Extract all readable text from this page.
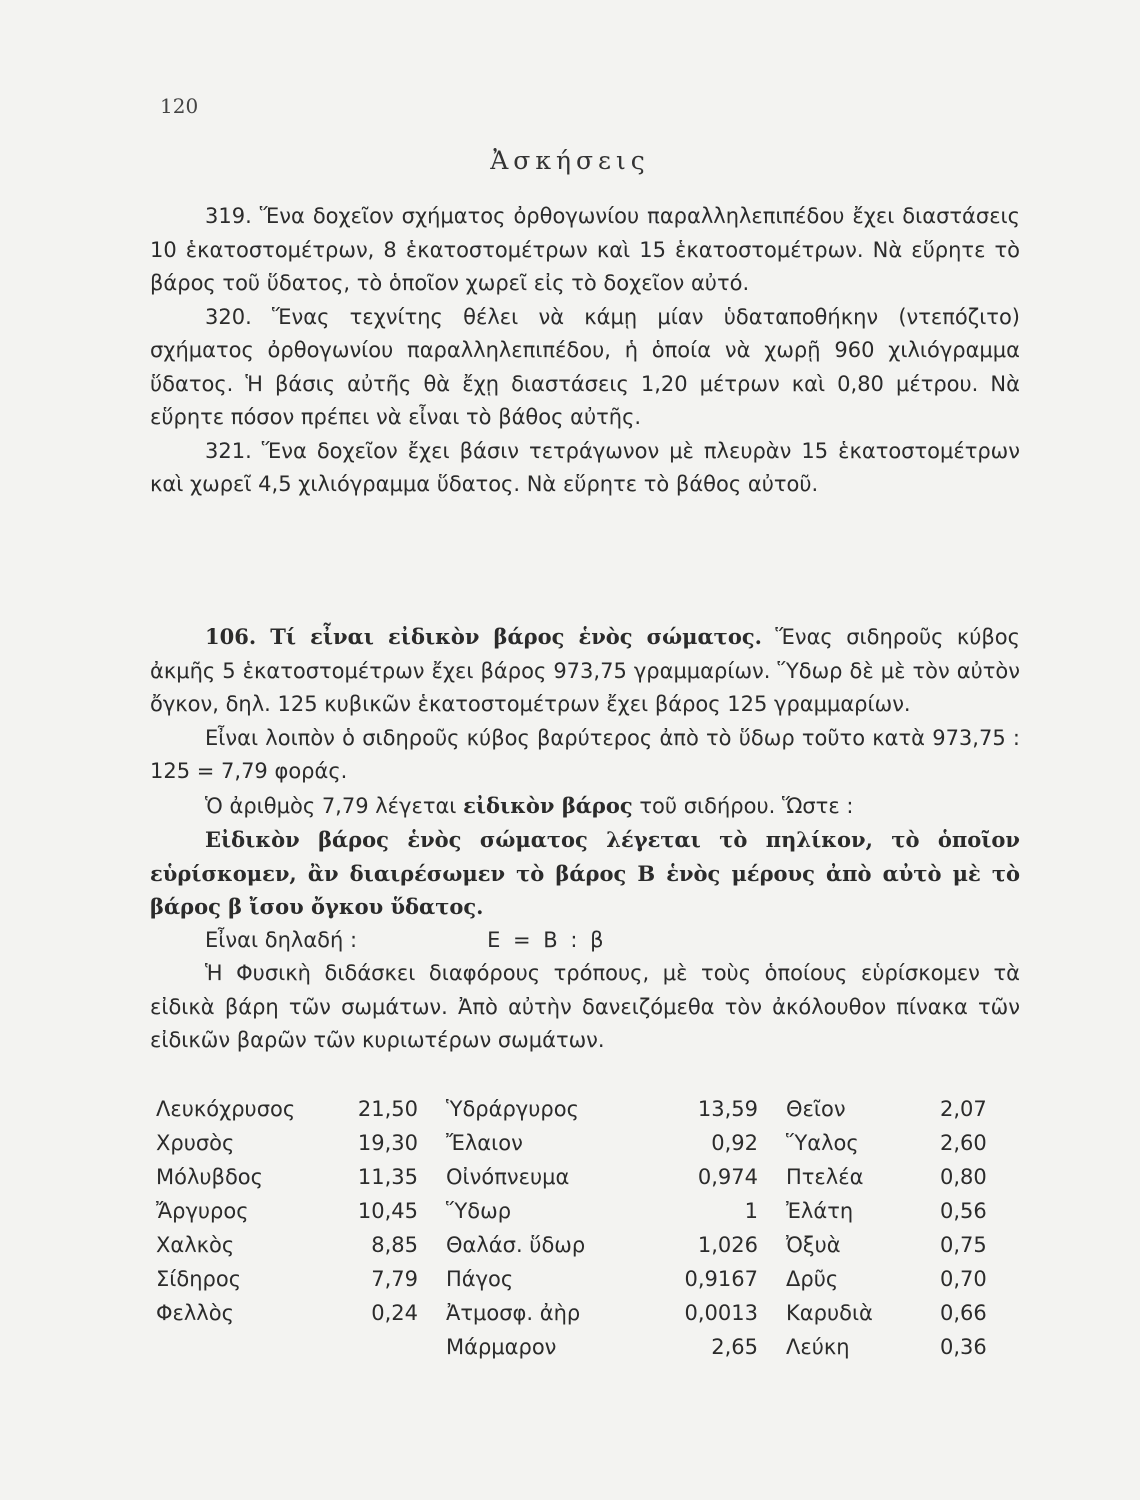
120
Ἀσκήσεις

319. Ἕνα δοχεῖον σχήματος ὀρθογωνίου παραλληλεπιπέδου ἔχει διαστάσεις 10 ἑκατοστομέτρων, 8 ἑκατοστομέτρων καὶ 15 ἑκατοστομέτρων. Νὰ εὕρητε τὸ βάρος τοῦ ὕδατος, τὸ ὁποῖον χωρεῖ εἰς τὸ δοχεῖον αὐτό.

320. Ἕνας τεχνίτης θέλει νὰ κάμῃ μίαν ὑδαταποθήκην (ντεπόζιτο) σχήματος ὀρθογωνίου παραλληλεπιπέδου, ἡ ὁποία νὰ χωρῇ 960 χιλιόγραμμα ὕδατος. Ἡ βάσις αὐτῆς θὰ ἔχῃ διαστάσεις 1,20 μέτρων καὶ 0,80 μέτρου. Νὰ εὕρητε πόσον πρέπει νὰ εἶναι τὸ βάθος αὐτῆς.

321. Ἕνα δοχεῖον ἔχει βάσιν τετράγωνον μὲ πλευρὰν 15 ἑκατοστομέτρων καὶ χωρεῖ 4,5 χιλιόγραμμα ὕδατος. Νὰ εὕρητε τὸ βάθος αὐτοῦ.

106. Τί εἶναι εἰδικὸν βάρος ἑνὸς σώματος. Ἕνας σιδηροῦς κύβος ἀκμῆς 5 ἑκατοστομέτρων ἔχει βάρος 973,75 γραμμαρίων. Ὕδωρ δὲ μὲ τὸν αὐτὸν ὄγκον, δηλ. 125 κυβικῶν ἑκατοστομέτρων ἔχει βάρος 125 γραμμαρίων.

Εἶναι λοιπὸν ὁ σιδηροῦς κύβος βαρύτερος ἀπὸ τὸ ὕδωρ τοῦτο κατὰ 973,75 : 125 = 7,79 φοράς.

Ὁ ἀριθμὸς 7,79 λέγεται εἰδικὸν βάρος τοῦ σιδήρου. Ὥστε :

Εἰδικὸν βάρος ἑνὸς σώματος λέγεται τὸ πηλίκον, τὸ ὁποῖον εὑρίσκομεν, ἂν διαιρέσωμεν τὸ βάρος Β ἑνὸς μέρους ἀπὸ αὐτὸ μὲ τὸ βάρος β ἴσου ὄγκου ὕδατος.

Εἶναι δηλαδή :	Ε = Β : β

Ἡ Φυσικὴ διδάσκει διαφόρους τρόπους, μὲ τοὺς ὁποίους εὑρίσκομεν τὰ εἰδικὰ βάρη τῶν σωμάτων. Ἀπὸ αὐτὴν δανειζόμεθα τὸν ἀκόλουθον πίνακα τῶν εἰδικῶν βαρῶν τῶν κυριωτέρων σωμάτων.

Λευκόχρυσος	21,50	Ὑδράργυρος	13,59	Θεῖον	2,07
Χρυσὸς	19,30	Ἔλαιον	0,92	Ὕαλος	2,60
Μόλυβδος	11,35	Οἰνόπνευμα	0,974	Πτελέα	0,80
Ἄργυρος	10,45	Ὕδωρ	1	Ἐλάτη	0,56
Χαλκὸς	8,85	Θαλάσ. ὕδωρ	1,026	Ὀξυὰ	0,75
Σίδηρος	7,79	Πάγος	0,9167	Δρῦς	0,70
Φελλὸς	0,24	Ἀτμοσφ. ἀὴρ	0,0013	Καρυδιὰ	0,66
		Μάρμαρον	2,65	Λεύκη	0,36
